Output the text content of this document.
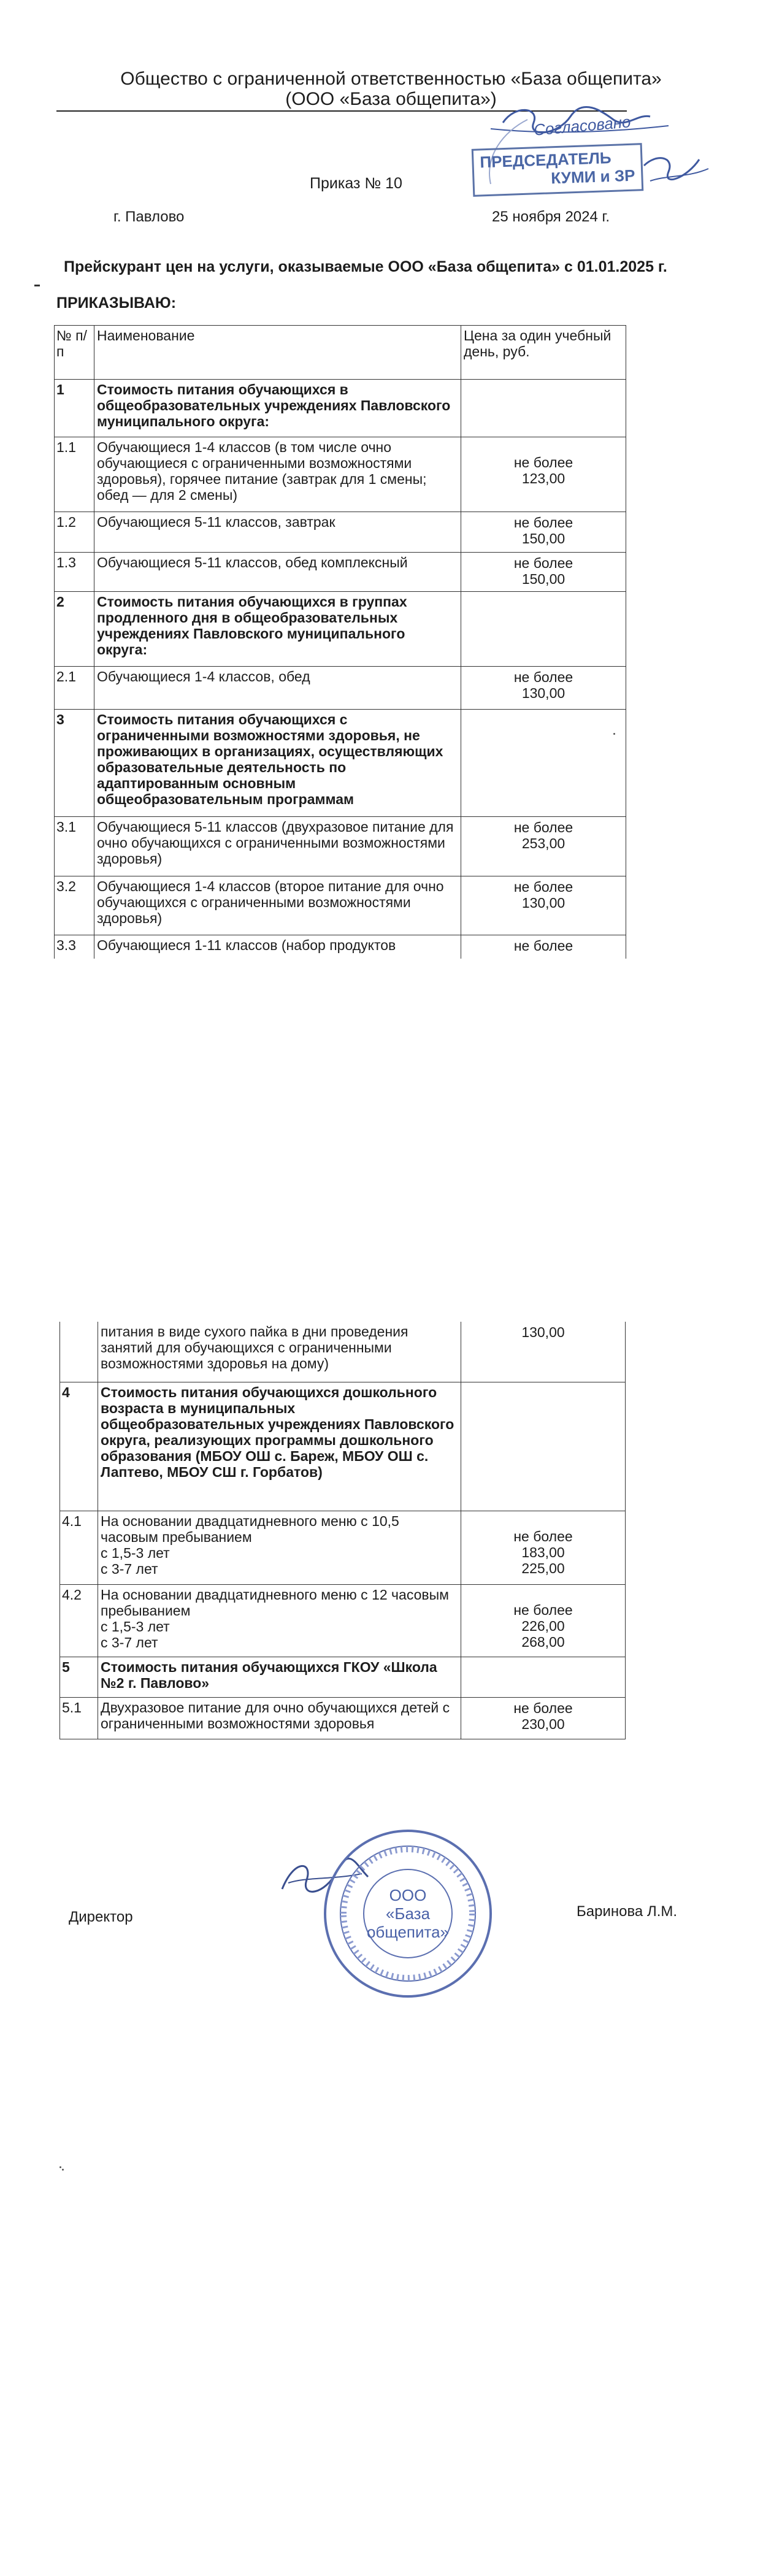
Общество с ограниченной ответственностью «База общепита»
(ООО «База общепита»)
ПРЕДСЕДАТЕЛЬ
КУМИ и ЗР
Согласовано
Приказ № 10
г. Павлово	25 ноября 2024 г.
Прейскурант цен на услуги, оказываемые ООО «База общепита» с 01.01.2025 г.
ПРИКАЗЫВАЮ:
№ п/п	Наименование	Цена за один учебный день, руб.
1	Стоимость питания обучающихся в общеобразовательных учреждениях Павловского муниципального округа:	
1.1	Обучающиеся 1-4 классов (в том числе очно обучающиеся с ограниченными возможностями здоровья), горячее питание (завтрак для 1 смены; обед — для 2 смены)	не более
123,00

1.2	Обучающиеся 5-11 классов, завтрак	не более
150,00

1.3	Обучающиеся 5-11 классов, обед комплексный	не более
150,00

2	Стоимость питания обучающихся в группах продленного дня в общеобразовательных учреждениях Павловского муниципального округа:	
2.1	Обучающиеся 1-4 классов, обед	не более
130,00

3	Стоимость питания обучающихся с ограниченными возможностями здоровья, не проживающих в организациях, осуществляющих образовательные деятельность по адаптированным основным общеобразовательным программам	
3.1	Обучающиеся 5-11 классов (двухразовое питание для очно обучающихся с ограниченными возможностями здоровья)	не более
253,00

3.2	Обучающиеся 1-4 классов (второе питание для очно обучающихся с ограниченными возможностями здоровья)	не более
130,00

3.3	Обучающиеся 1-11 классов (набор продуктов	не более
	питания в виде сухого пайка в дни проведения занятий для обучающихся с ограниченными возможностями здоровья на дому)	130,00
4	Стоимость питания обучающихся дошкольного возраста в муниципальных общеобразовательных учреждениях Павловского округа, реализующих программы дошкольного образования (МБОУ ОШ с. Бареж, МБОУ ОШ с. Лаптево, МБОУ СШ г. Горбатов)	
4.1	На основании двадцатидневного меню с 10,5 часовым пребыванием
с 1,5-3 лет
с 3-7 лет	не более
183,00
225,00

4.2	На основании двадцатидневного меню с 12 часовым пребыванием
с 1,5-3 лет
с 3-7 лет	не более
226,00
268,00

5	Стоимость питания обучающихся ГКОУ «Школа №2 г. Павлово»	
5.1	Двухразовое питание для очно обучающихся детей с ограниченными возможностями здоровья	не более
230,00
Директор	Баринова Л.М.
ООО
«База
общепита»
